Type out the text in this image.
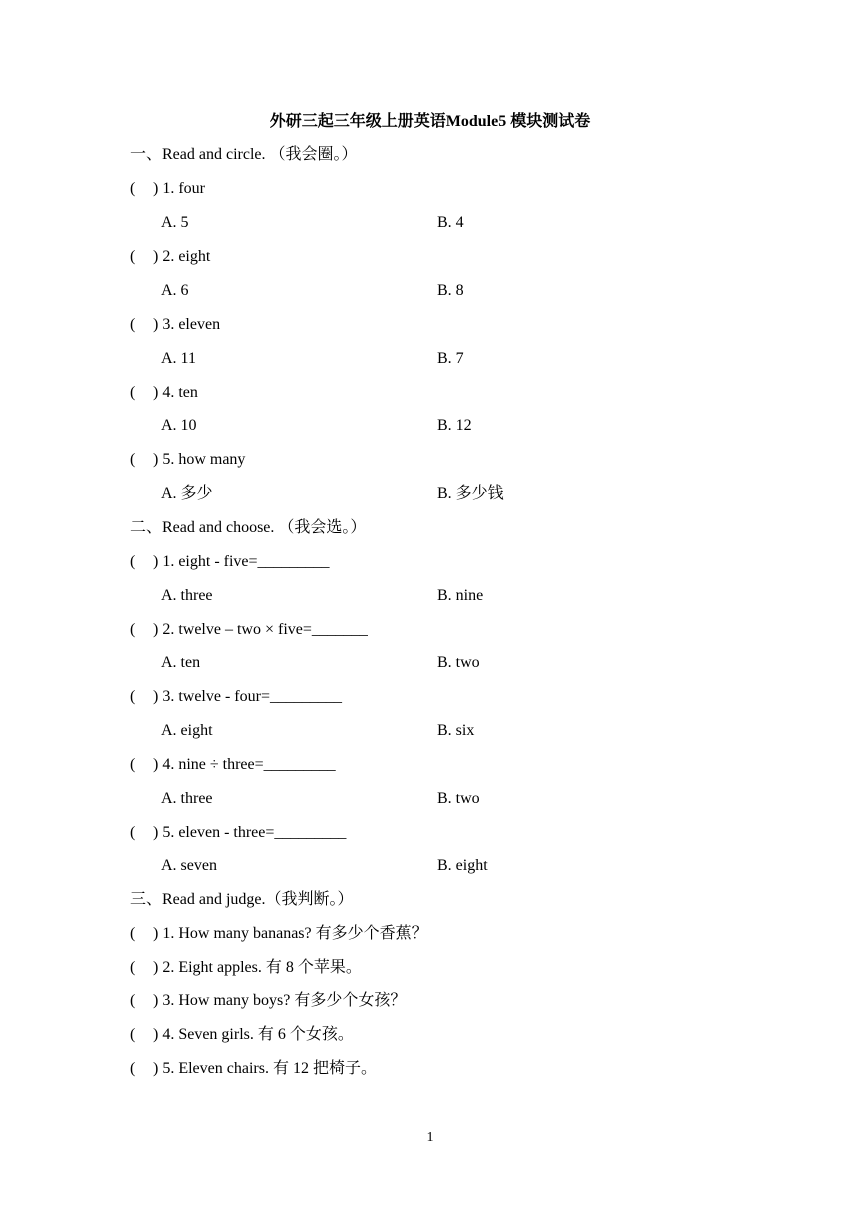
外研三起三年级上册英语Module5 模块测试卷
一、Read and circle. （我会圈。）
( ) 1. four
A. 5	B. 4
( ) 2. eight
A. 6	B. 8
( ) 3. eleven
A. 11	B. 7
( ) 4. ten
A. 10	B. 12
( ) 5. how many
A. 多少	B. 多少钱
二、Read and choose. （我会选。）
( ) 1. eight - five=_________
A. three	B. nine
( ) 2. twelve – two × five=_______
A. ten	B. two
( ) 3. twelve - four=_________
A. eight	B. six
( ) 4. nine ÷ three=_________
A. three	B. two
( ) 5. eleven - three=_________
A. seven	B. eight
三、Read and judge.（我判断。）
( ) 1. How many bananas? 有多少个香蕉？
( ) 2. Eight apples. 有 8 个苹果。
( ) 3. How many boys? 有多少个女孩？
( ) 4. Seven girls. 有 6 个女孩。
( ) 5. Eleven chairs. 有 12 把椅子。
1
